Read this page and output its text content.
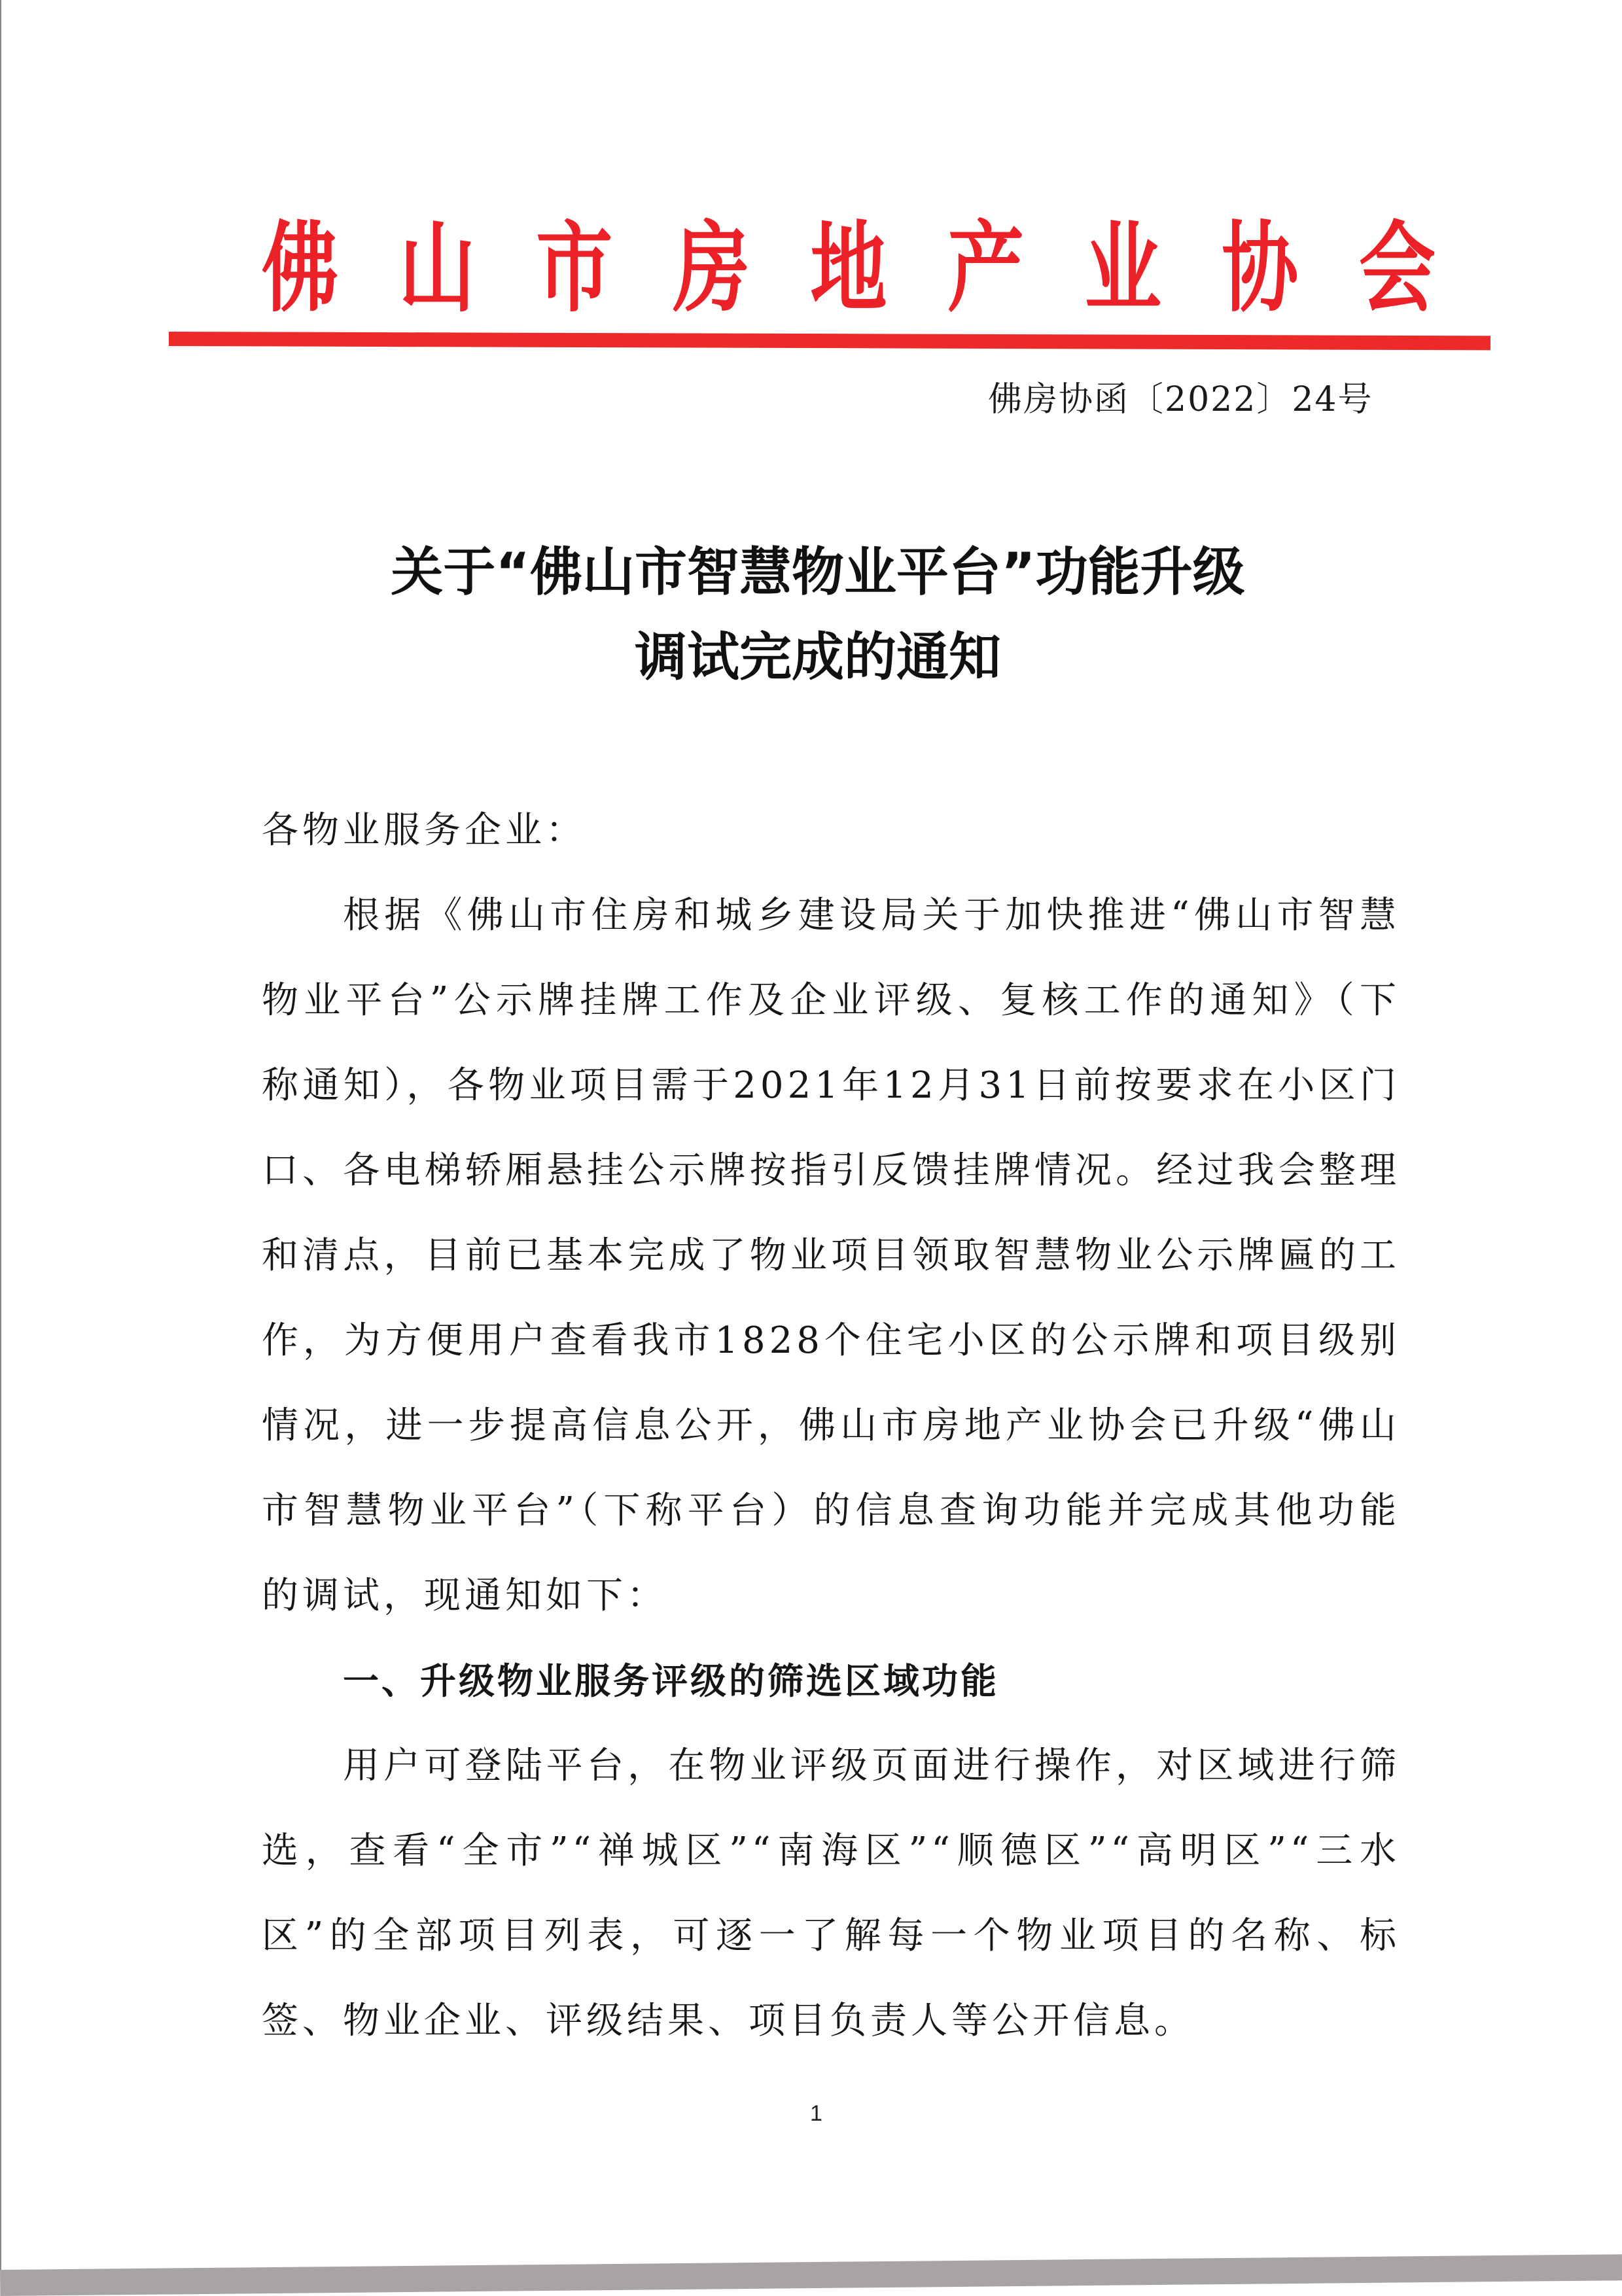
佛 山 市 房 地 产 业 协 会
佛房协函〔2022〕24号
关于“佛山市智慧物业平台”功能升级
调试完成的通知
各物业服务企业：
根据《佛山市住房和城乡建设局关于加快推进“佛山市智慧物业平台”公示牌挂牌工作及企业评级、复核工作的通知》（下称通知），各物业项目需于2021年12月31日前按要求在小区门口、各电梯轿厢悬挂公示牌按指引反馈挂牌情况。经过我会整理和清点，目前已基本完成了物业项目领取智慧物业公示牌匾的工作，为方便用户查看我市1828个住宅小区的公示牌和项目级别情况，进一步提高信息公开，佛山市房地产业协会已升级“佛山市智慧物业平台”（下称平台）的信息查询功能并完成其他功能的调试，现通知如下：
一、升级物业服务评级的筛选区域功能
用户可登陆平台，在物业评级页面进行操作，对区域进行筛选，查看“全市”“禅城区”“南海区”“顺德区”“高明区”“三水区”的全部项目列表，可逐一了解每一个物业项目的名称、标签、物业企业、评级结果、项目负责人等公开信息。
1
